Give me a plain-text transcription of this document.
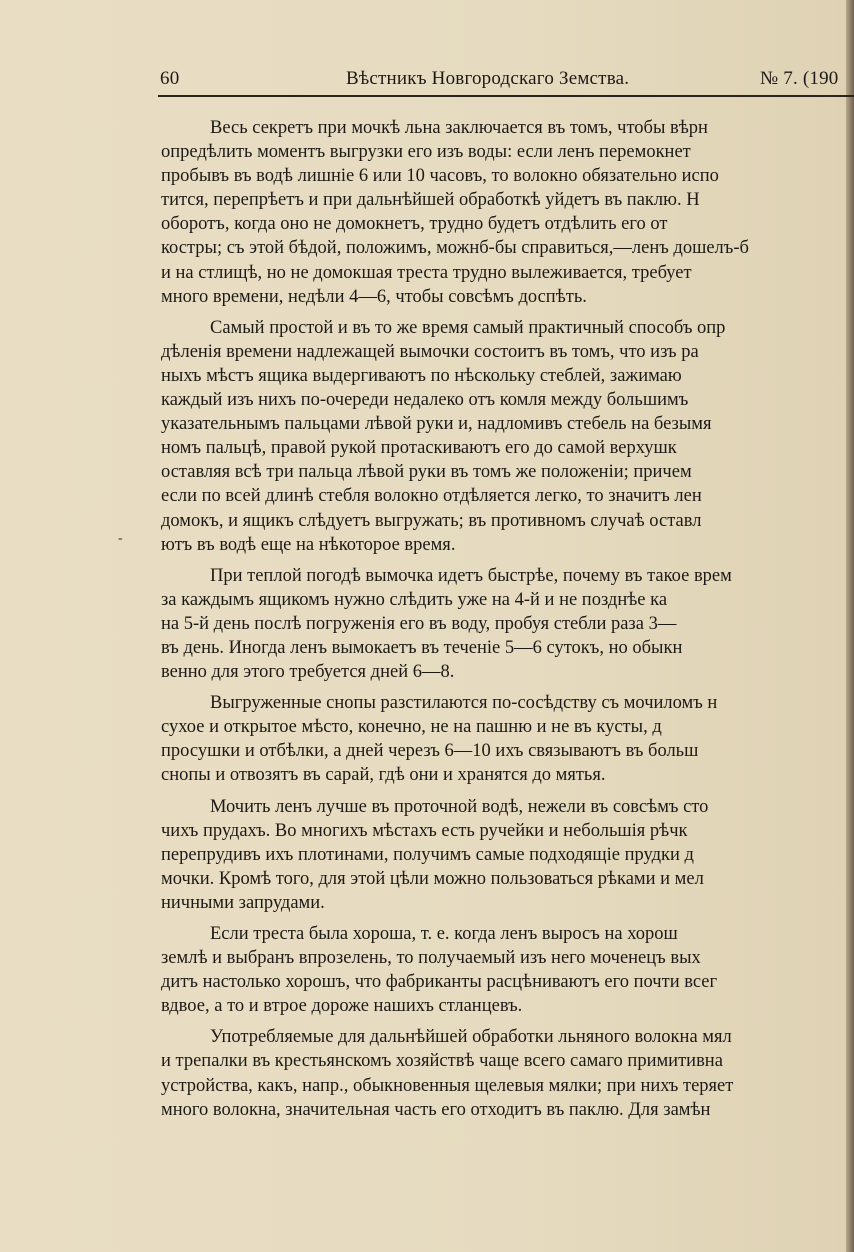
60	Вѣстникъ Новгородскаго Земства.	№ 7. (190
Весь секретъ при мочкѣ льна заключается въ томъ, чтобы вѣрн
опредѣлить моментъ выгрузки его изъ воды: если ленъ перемокнет
пробывъ въ водѣ лишніе 6 или 10 часовъ, то волокно обязательно испо
тится, перепрѣетъ и при дальнѣйшей обработкѣ уйдетъ въ паклю. Н
оборотъ, когда оно не домокнетъ, трудно будетъ отдѣлить его от
костры; съ этой бѣдой, положимъ, можнб-бы справиться,—ленъ дошелъ-б
и на стлищѣ, но не домокшая треста трудно вылеживается, требует
много времени, недѣли 4—6, чтобы совсѣмъ доспѣть.
Самый простой и въ то же время самый практичный способъ опр
дѣленія времени надлежащей вымочки состоитъ въ томъ, что изъ ра
ныхъ мѣстъ ящика выдергиваютъ по нѣскольку стеблей, зажимаю
каждый изъ нихъ по-очереди недалеко отъ комля между большимъ
указательнымъ пальцами лѣвой руки и, надломивъ стебель на безымя
номъ пальцѣ, правой рукой протаскиваютъ его до самой верхушк
оставляя всѣ три пальца лѣвой руки въ томъ же положеніи; причем
если по всей длинѣ стебля волокно отдѣляется легко, то значитъ лен
домокъ, и ящикъ слѣдуетъ выгружать; въ противномъ случаѣ оставл
ютъ въ водѣ еще на нѣкоторое время.
При теплой погодѣ вымочка идетъ быстрѣе, почему въ такое врем
за каждымъ ящикомъ нужно слѣдить уже на 4-й и не позднѣе ка
на 5-й день послѣ погруженія его въ воду, пробуя стебли раза 3—
въ день. Иногда ленъ вымокаетъ въ теченіе 5—6 сутокъ, но обыкн
венно для этого требуется дней 6—8.
Выгруженные снопы разстилаются по-сосѣдству съ мочиломъ н
сухое и открытое мѣсто, конечно, не на пашню и не въ кусты, д
просушки и отбѣлки, а дней черезъ 6—10 ихъ связываютъ въ больш
снопы и отвозятъ въ сарай, гдѣ они и хранятся до мятья.
Мочить ленъ лучше въ проточной водѣ, нежели въ совсѣмъ сто
чихъ прудахъ. Во многихъ мѣстахъ есть ручейки и небольшія рѣчк
перепрудивъ ихъ плотинами, получимъ самые подходящіе прудки д
мочки. Кромѣ того, для этой цѣли можно пользоваться рѣками и мел
ничными запрудами.
Если треста была хороша, т. е. когда ленъ выросъ на хорош
землѣ и выбранъ впрозелень, то получаемый изъ него моченецъ вых
дитъ настолько хорошъ, что фабриканты расцѣниваютъ его почти всег
вдвое, а то и втрое дороже нашихъ стланцевъ.
Употребляемые для дальнѣйшей обработки льняного волокна мял
и трепалки въ крестьянскомъ хозяйствѣ чаще всего самаго примитивна
устройства, какъ, напр., обыкновенныя щелевыя мялки; при нихъ теряет
много волокна, значительная часть его отходитъ въ паклю. Для замѣн
-
